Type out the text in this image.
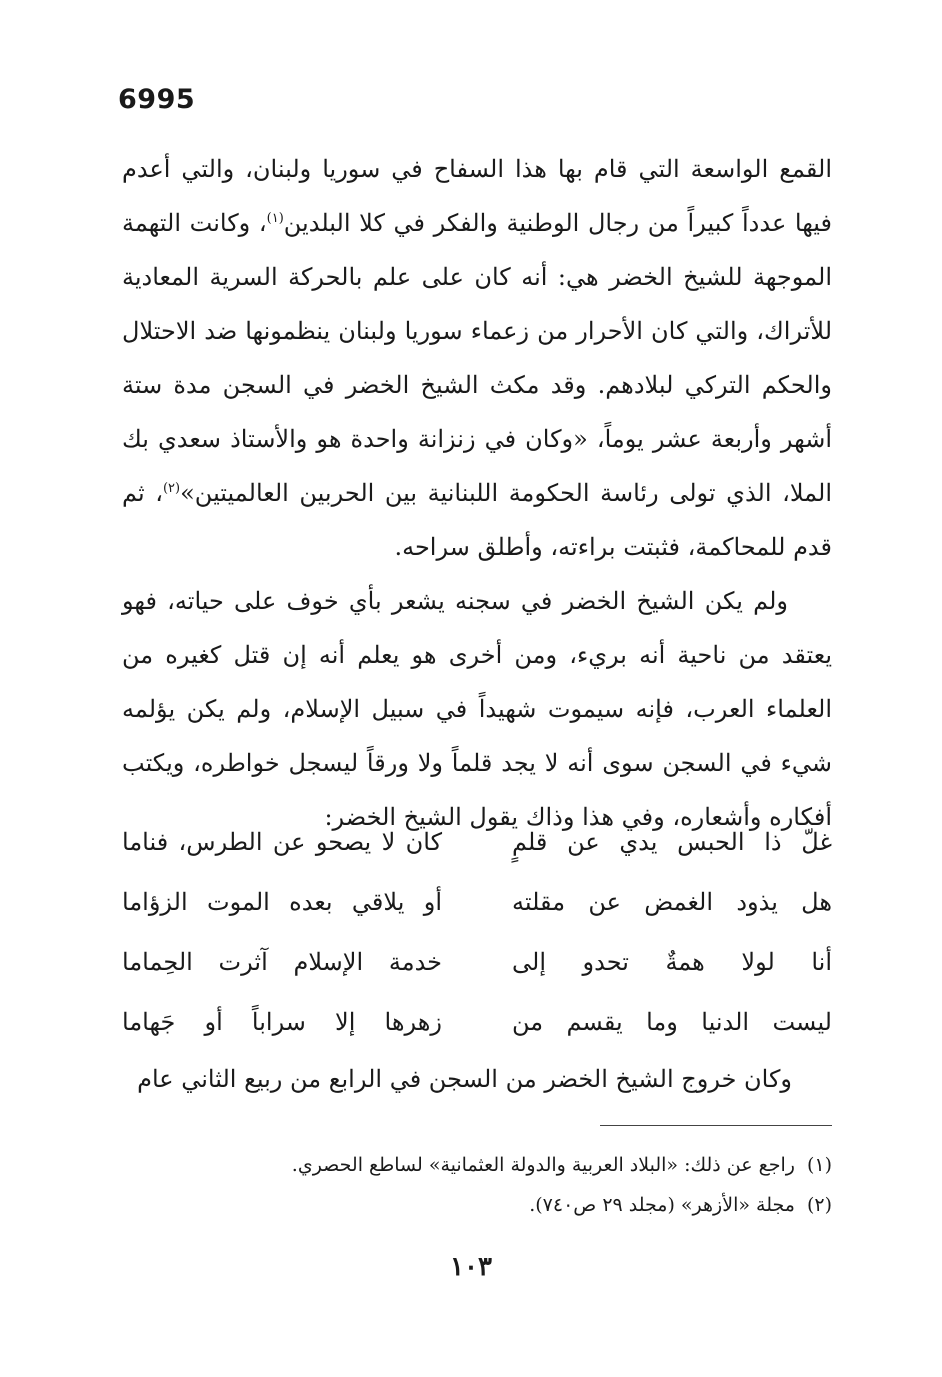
6995

القمع الواسعة التي قام بها هذا السفاح في سوريا ولبنان، والتي أعدم فيها عدداً كبيراً من رجال الوطنية والفكر في كلا البلدين$^{(١)}$، وكانت التهمة الموجهة للشيخ الخضر هي: أنه كان على علم بالحركة السرية المعادية للأتراك، والتي كان الأحرار من زعماء سوريا ولبنان ينظمونها ضد الاحتلال والحكم التركي لبلادهم. وقد مكث الشيخ الخضر في السجن مدة ستة أشهر وأربعة عشر يوماً، «وكان في زنزانة واحدة هو والأستاذ سعدي بك الملا، الذي تولى رئاسة الحكومة اللبنانية بين الحربين العالميتين»$^{(٢)}$، ثم قدم للمحاكمة، فثبتت براءته، وأطلق سراحه.

ولم يكن الشيخ الخضر في سجنه يشعر بأي خوف على حياته، فهو يعتقد من ناحية أنه بريء، ومن أخرى هو يعلم أنه إن قتل كغيره من العلماء العرب، فإنه سيموت شهيداً في سبيل الإسلام، ولم يكن يؤلمه شيء في السجن سوى أنه لا يجد قلماً ولا ورقاً ليسجل خواطره، ويكتب أفكاره وأشعاره، وفي هذا وذاك يقول الشيخ الخضر:

غلّ ذا الحبس يدي عن قلمٍ
كان لا يصحو عن الطرس، فناما
هل يذود الغمض عن مقلته
أو يلاقي بعده الموت الزؤاما
أنا لولا همةٌ تحدو إلى
خدمة الإسلام آثرت الحِماما
ليست الدنيا وما يقسم من
زهرها إلا سراباً أو جَهاما
وكان خروج الشيخ الخضر من السجن في الرابع من ربيع الثاني عام
(١)
راجع عن ذلك: «البلاد العربية والدولة العثمانية» لساطع الحصري.
(٢)
مجلة «الأزهر» (مجلد ٢٩ ص٧٤٠).
١٠٣
